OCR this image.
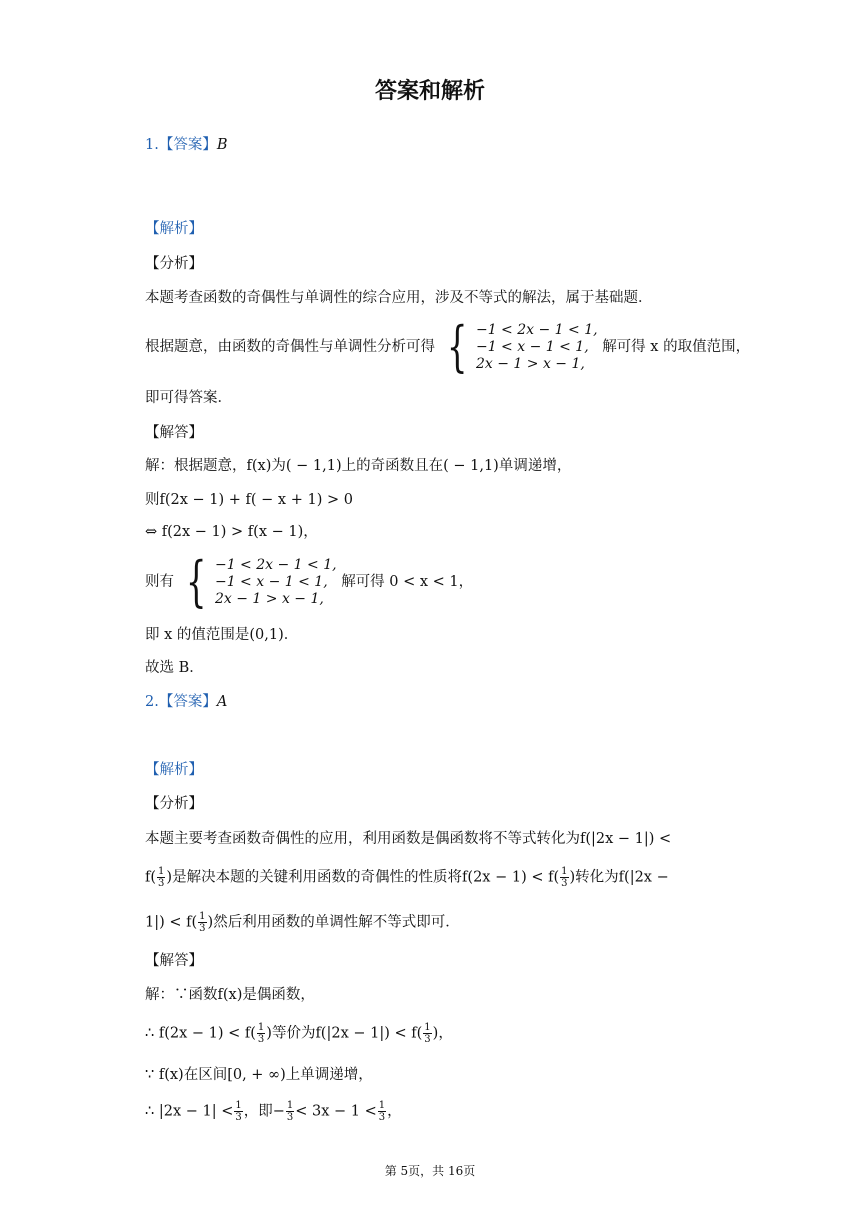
答案和解析
1.【答案】B
【解析】
【分析】
本题考查函数的奇偶性与单调性的综合应用，涉及不等式的解法，属于基础题．
根据题意，由函数的奇偶性与单调性分析可得 { −1 < 2x − 1 < 1,
−1 < x − 1 < 1,
2x − 1 > x − 1,
解可得 x 的取值范围，
即可得答案．
【解答】
解：根据题意，f(x)为( − 1,1)上的奇函数且在( − 1,1)单调递增，
则f(2x − 1) + f( − x + 1) > 0
⇔ f(2x − 1) > f(x − 1)，
则有 { −1 < 2x − 1 < 1,
−1 < x − 1 < 1,
2x − 1 > x − 1,
解可得 0 < x < 1，
即 x 的值范围是(0,1)．
故选 B．
2.【答案】A
【解析】
【分析】
本题主要考查函数奇偶性的应用，利用函数是偶函数将不等式转化为f(|2x − 1|) <
$f( \frac{1}{3}$ )是解决本题的关键利用函数的奇偶性的性质将$f(2x - 1) < f( \frac{1}{3}$ )转化为f(|2x −
$1|) < f( \frac{1}{3}$ )然后利用函数的单调性解不等式即可．
【解答】
解：∵函数f(x)是偶函数，
∴ $f(2x - 1) < f( \frac{1}{3}$ )等价为$f(|2x - 1|) < f( \frac{1}{3}$ )，
∵ f(x)在区间[0, + ∞)上单调递增，
∴ $|2x - 1| < \frac{1}{3}$ ，即− $\frac{1}{3} < 3x - 1 < \frac{1}{3}$ ，
第 5页，共 16页
